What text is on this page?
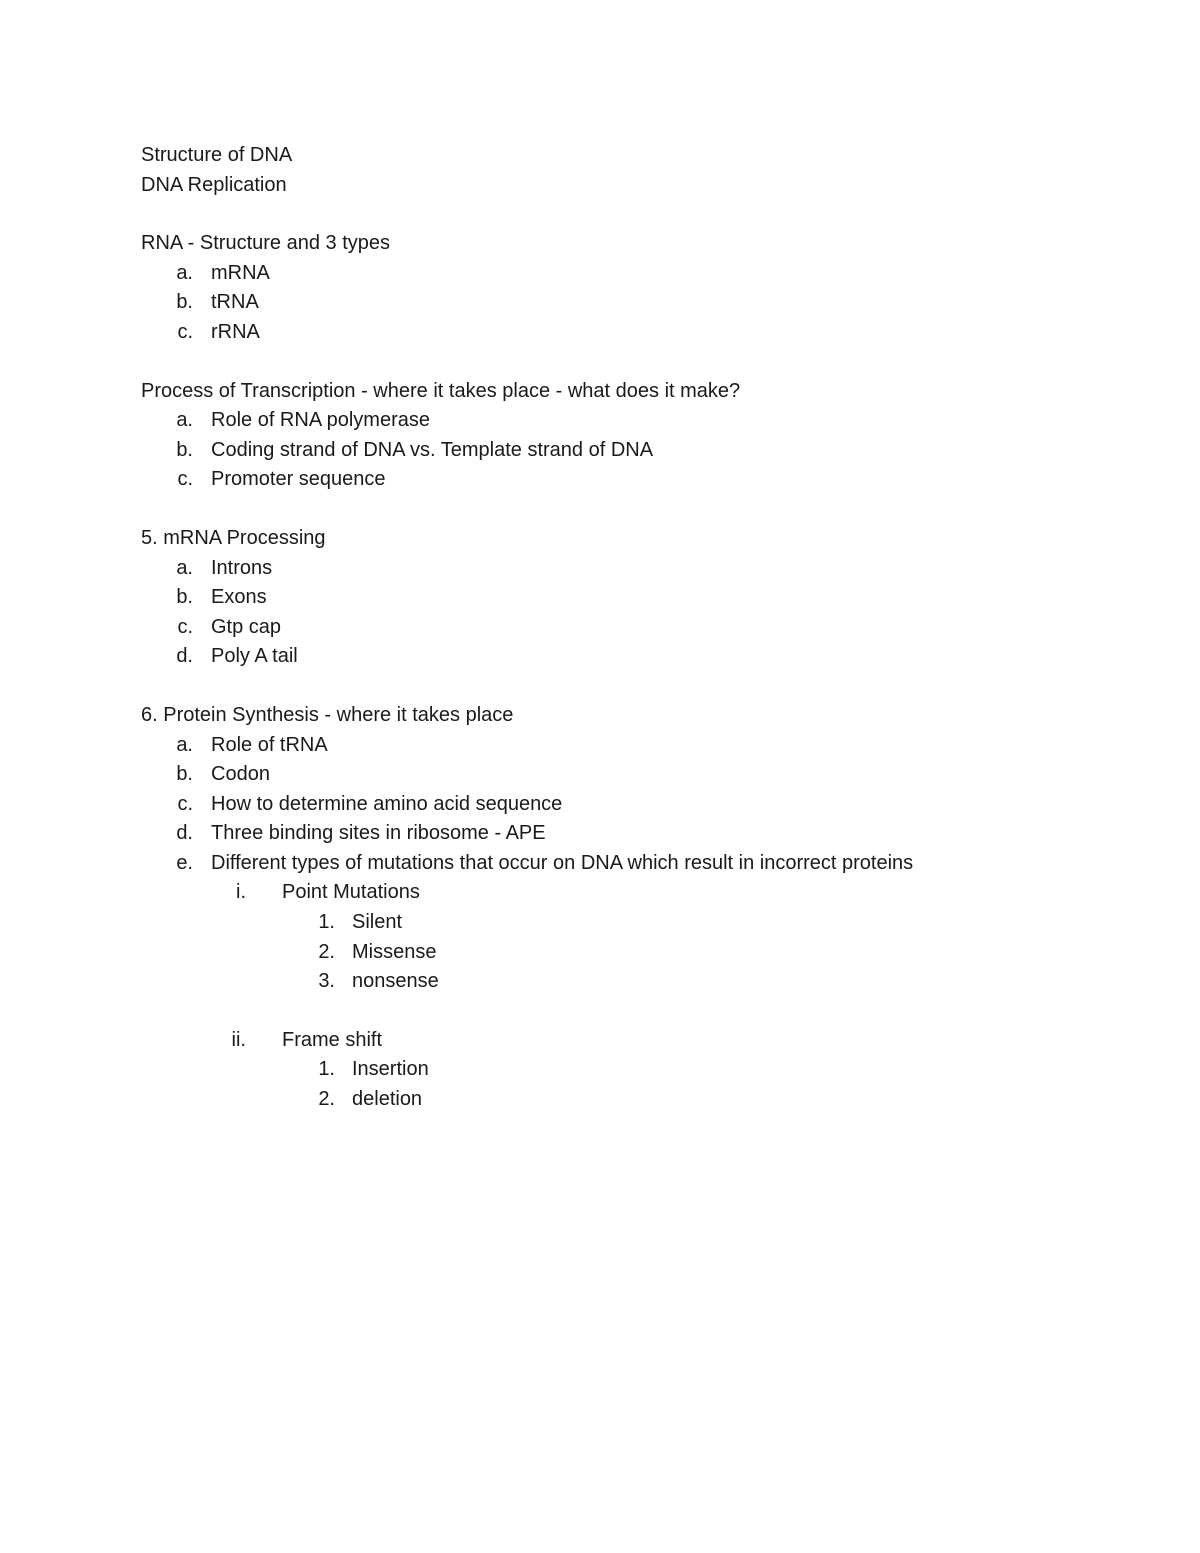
Structure of DNA
DNA Replication
RNA - Structure and 3 types
a. mRNA
b. tRNA
c. rRNA
Process of Transcription - where it takes place - what does it make?
a. Role of RNA polymerase
b. Coding strand of DNA vs. Template strand of DNA
c. Promoter sequence
5. mRNA Processing
a. Introns
b. Exons
c. Gtp cap
d. Poly A tail
6. Protein Synthesis - where it takes place
a. Role of tRNA
b. Codon
c. How to determine amino acid sequence
d. Three binding sites in ribosome - APE
e. Different types of mutations that occur on DNA which result in incorrect proteins
i. Point Mutations
1. Silent
2. Missense
3. nonsense
ii. Frame shift
1. Insertion
2. deletion
